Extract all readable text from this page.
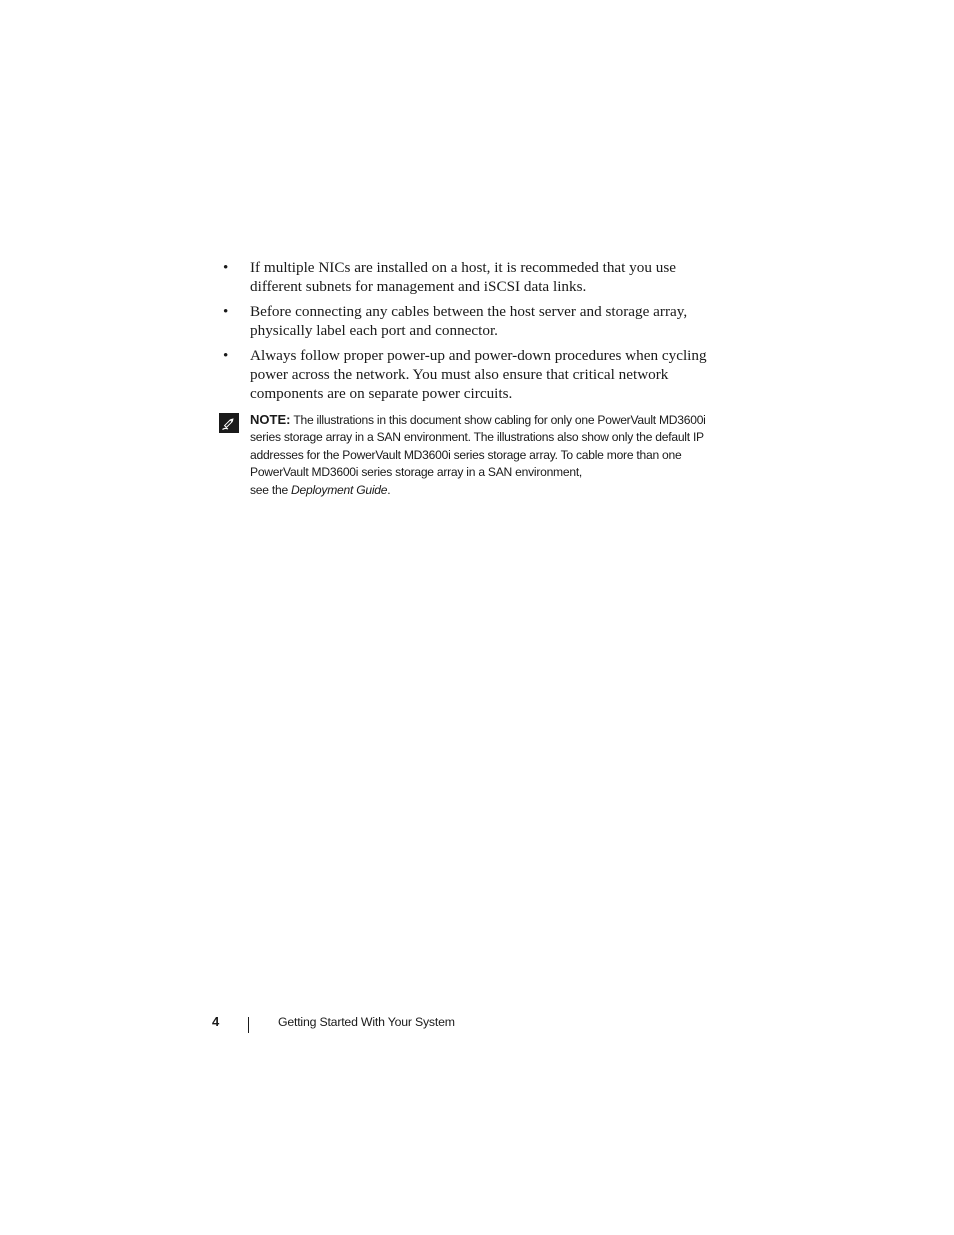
• If multiple NICs are installed on a host, it is recommeded that you use different subnets for management and iSCSI data links.
• Before connecting any cables between the host server and storage array, physically label each port and connector.
• Always follow proper power-up and power-down procedures when cycling power across the network. You must also ensure that critical network components are on separate power circuits.
NOTE: The illustrations in this document show cabling for only one PowerVault MD3600i series storage array in a SAN environment. The illustrations also show only the default IP addresses for the PowerVault MD3600i series storage array. To cable more than one PowerVault MD3600i series storage array in a SAN environment,
see the Deployment Guide.
4	Getting Started With Your System
